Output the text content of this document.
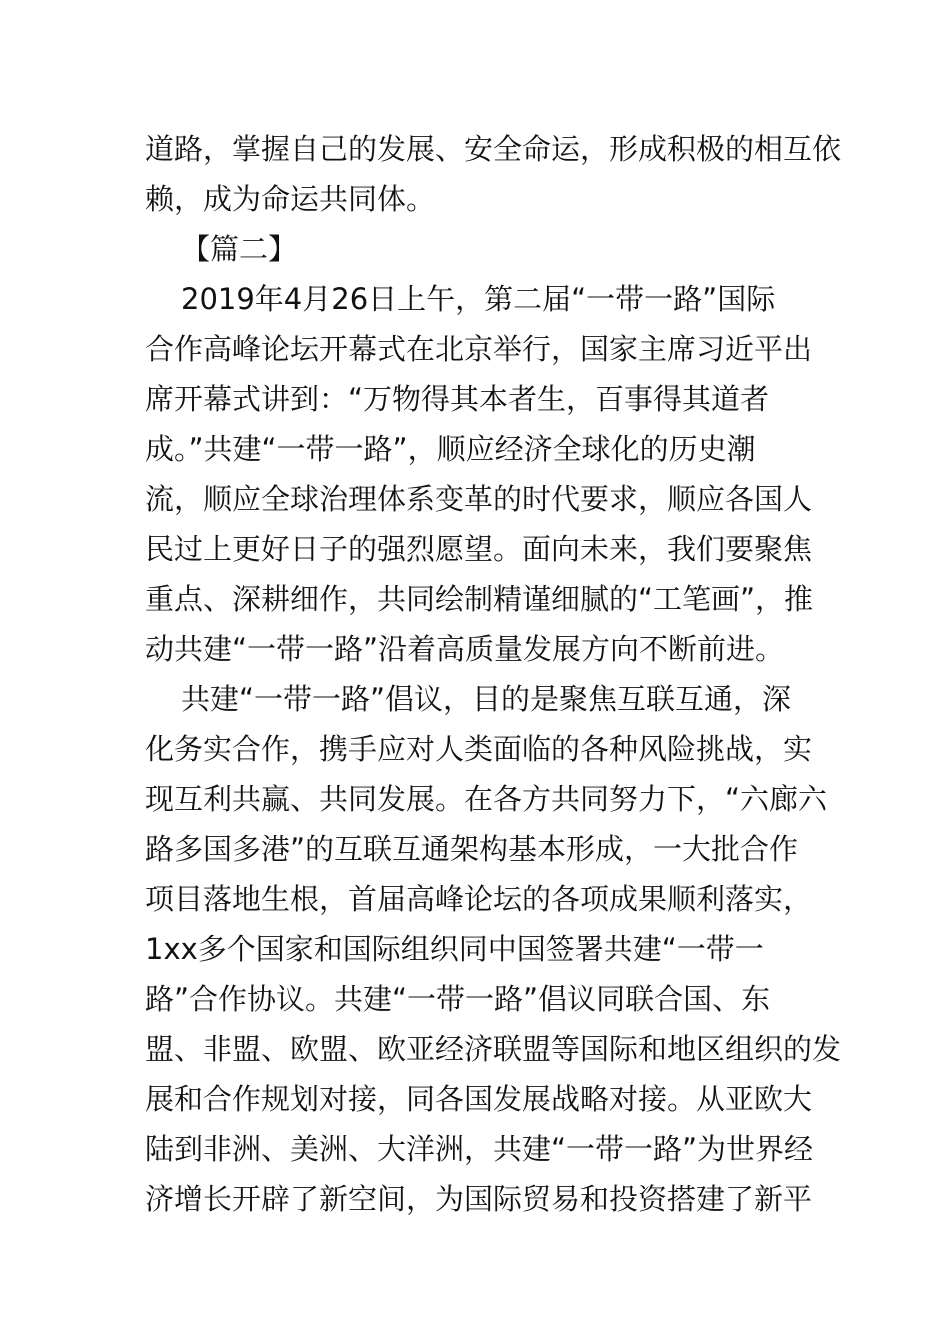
道路，掌握自己的发展、安全命运，形成积极的相互依
赖，成为命运共同体。
【篇二】
2019年4月26日上午，第二届“一带一路”国际
合作高峰论坛开幕式在北京举行，国家主席习近平出
席开幕式讲到：“万物得其本者生，百事得其道者
成。”共建“一带一路”，顺应经济全球化的历史潮
流，顺应全球治理体系变革的时代要求，顺应各国人
民过上更好日子的强烈愿望。面向未来，我们要聚焦
重点、深耕细作，共同绘制精谨细腻的“工笔画”，推
动共建“一带一路”沿着高质量发展方向不断前进。
共建“一带一路”倡议，目的是聚焦互联互通，深
化务实合作，携手应对人类面临的各种风险挑战，实
现互利共赢、共同发展。在各方共同努力下，“六廊六
路多国多港”的互联互通架构基本形成，一大批合作
项目落地生根，首届高峰论坛的各项成果顺利落实，
1xx多个国家和国际组织同中国签署共建“一带一
路”合作协议。共建“一带一路”倡议同联合国、东
盟、非盟、欧盟、欧亚经济联盟等国际和地区组织的发
展和合作规划对接，同各国发展战略对接。从亚欧大
陆到非洲、美洲、大洋洲，共建“一带一路”为世界经
济增长开辟了新空间，为国际贸易和投资搭建了新平
